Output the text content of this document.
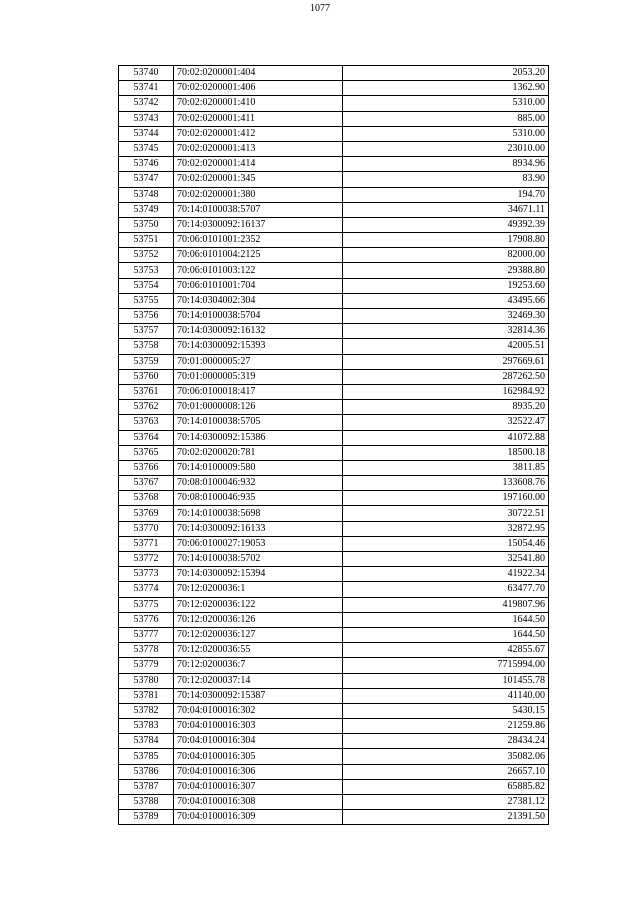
1077
53740	70:02:0200001:404	2053.20
53741	70:02:0200001:406	1362.90
53742	70:02:0200001:410	5310.00
53743	70:02:0200001:411	885.00
53744	70:02:0200001:412	5310.00
53745	70:02:0200001:413	23010.00
53746	70:02:0200001:414	8934.96
53747	70:02:0200001:345	83.90
53748	70:02:0200001:380	194.70
53749	70:14:0100038:5707	34671.11
53750	70:14:0300092:16137	49392.39
53751	70:06:0101001:2352	17908.80
53752	70:06:0101004:2125	82000.00
53753	70:06:0101003:122	29388.80
53754	70:06:0101001:704	19253.60
53755	70:14:0304002:304	43495.66
53756	70:14:0100038:5704	32469.30
53757	70:14:0300092:16132	32814.36
53758	70:14:0300092:15393	42005.51
53759	70:01:0000005:27	297669.61
53760	70:01:0000005:319	287262.50
53761	70:06:0100018:417	162984.92
53762	70:01:0000008:126	8935.20
53763	70:14:0100038:5705	32522.47
53764	70:14:0300092:15386	41072.88
53765	70:02:0200020:781	18500.18
53766	70:14:0100009:580	3811.85
53767	70:08:0100046:932	133608.76
53768	70:08:0100046:935	197160.00
53769	70:14:0100038:5698	30722.51
53770	70:14:0300092:16133	32872.95
53771	70:06:0100027:19053	15054.46
53772	70:14:0100038:5702	32541.80
53773	70:14:0300092:15394	41922.34
53774	70:12:0200036:1	63477.70
53775	70:12:0200036:122	419807.96
53776	70:12:0200036:126	1644.50
53777	70:12:0200036:127	1644.50
53778	70:12:0200036:55	42855.67
53779	70:12:0200036:7	7715994.00
53780	70:12:0200037:14	101455.78
53781	70:14:0300092:15387	41140.00
53782	70:04:0100016:302	5430.15
53783	70:04:0100016:303	21259.86
53784	70:04:0100016:304	28434.24
53785	70:04:0100016:305	35082.06
53786	70:04:0100016:306	26657.10
53787	70:04:0100016:307	65885.82
53788	70:04:0100016:308	27381.12
53789	70:04:0100016:309	21391.50
